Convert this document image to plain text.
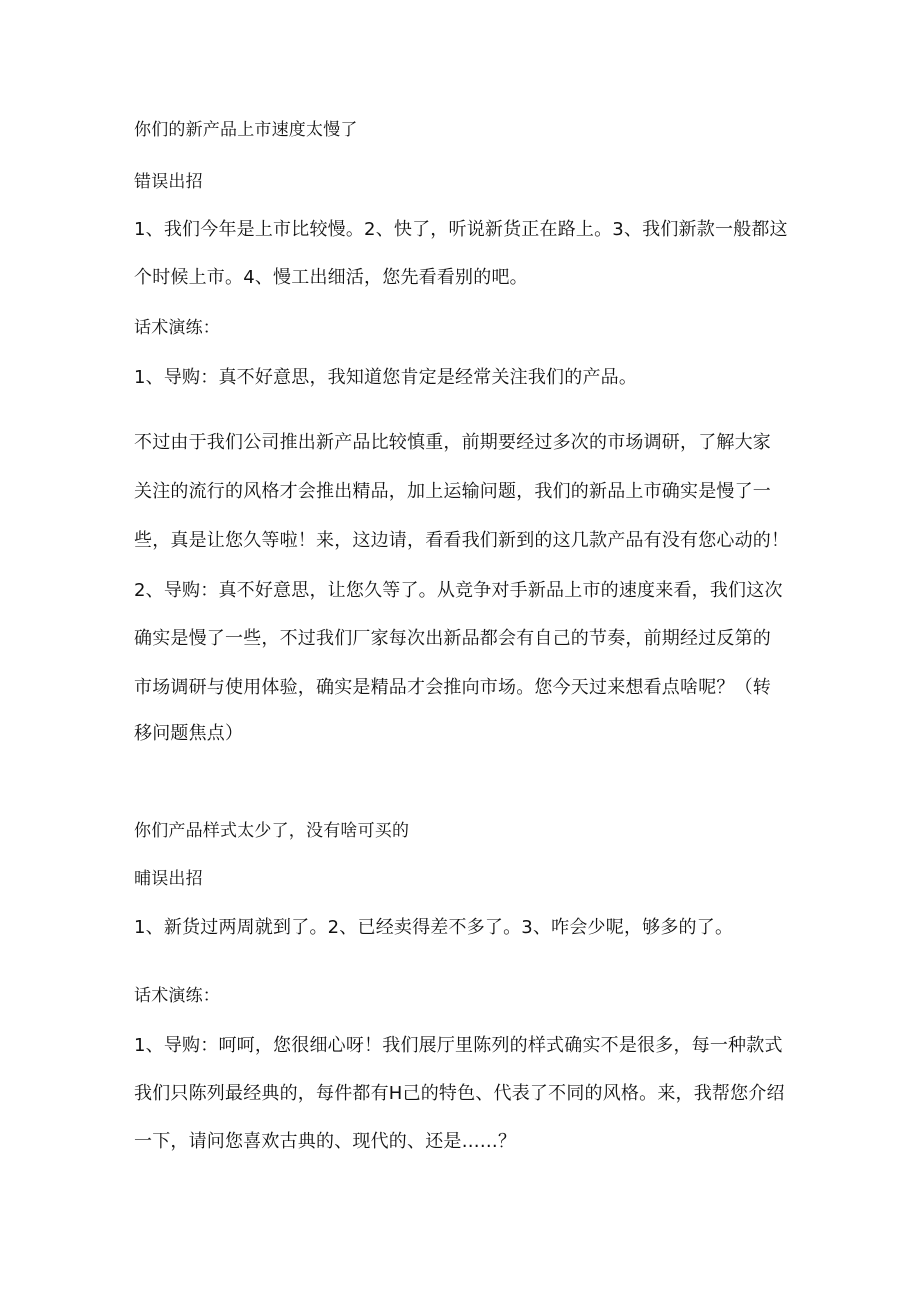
你们的新产品上市速度太慢了
错误出招
1、我们今年是上市比较慢。2、快了，听说新货正在路上。3、我们新款一般都这
个时候上市。4、慢工出细活，您先看看别的吧。
话术演练：
1、导购：真不好意思，我知道您肯定是经常关注我们的产品。
不过由于我们公司推出新产品比较慎重，前期要经过多次的市场调研，了解大家
关注的流行的风格才会推出精品，加上运输问题，我们的新品上市确实是慢了一
些，真是让您久等啦！来，这边请，看看我们新到的这几款产品有没有您心动的！
2、导购：真不好意思，让您久等了。从竞争对手新品上市的速度来看，我们这次
确实是慢了一些，不过我们厂家每次出新品都会有自己的节奏，前期经过反第的
市场调研与使用体验，确实是精品才会推向市场。您今天过来想看点啥呢？（转
移问题焦点）
你们产品样式太少了，没有啥可买的
晡误出招
1、新货过两周就到了。2、已经卖得差不多了。3、咋会少呢，够多的了。
话术演练：
1、导购：呵呵，您很细心呀！我们展厅里陈列的样式确实不是很多，每一种款式
我们只陈列最经典的，每件都有H己的特色、代表了不同的风格。来，我帮您介绍
一下，请问您喜欢古典的、现代的、还是……？
